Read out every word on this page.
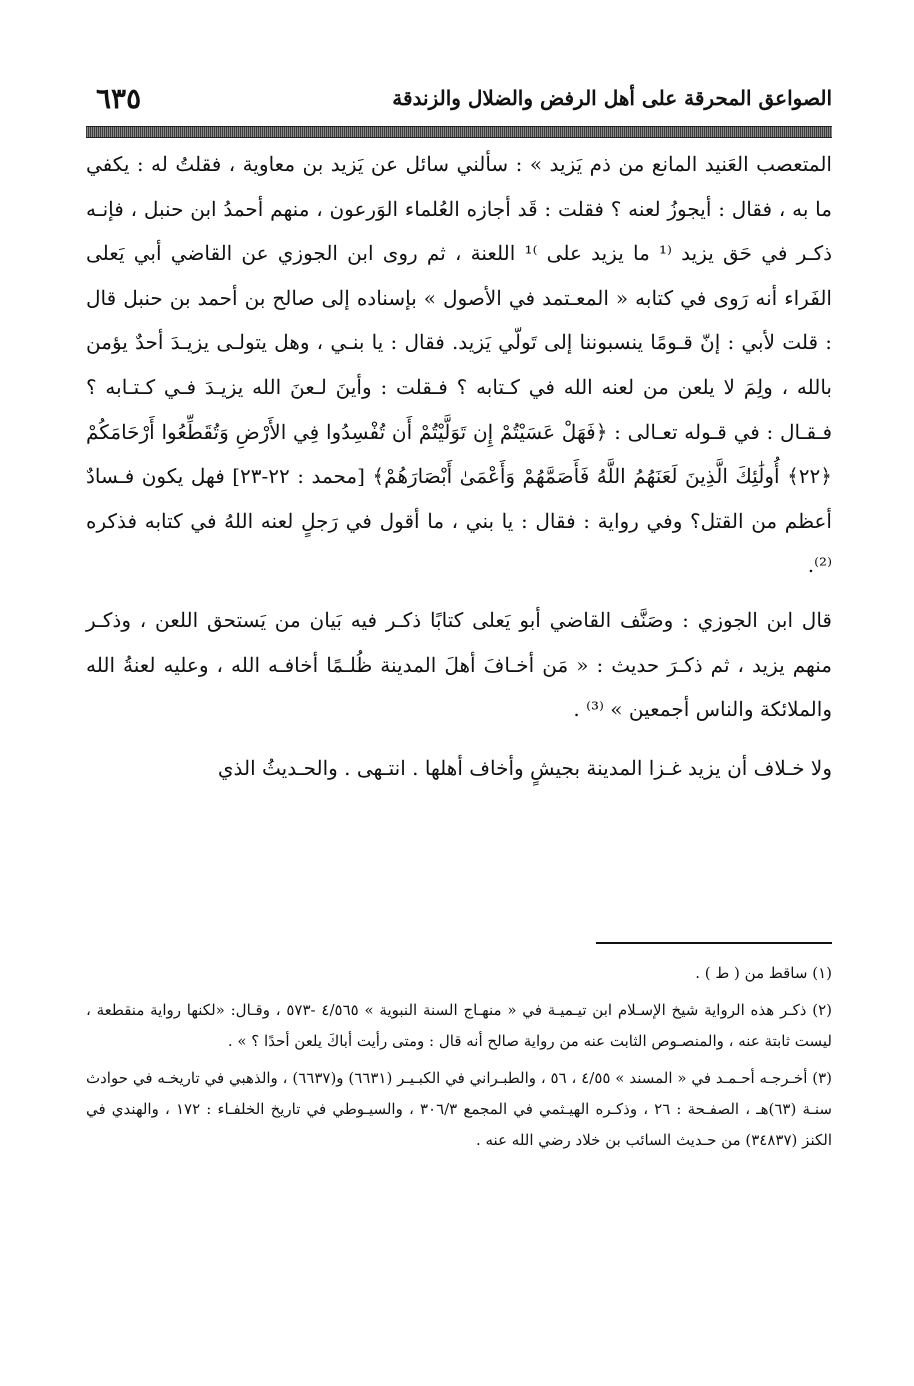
الصواعق المحرقة على أهل الرفض والضلال والزندقة
٦٣٥

المتعصب العَنيد المانع من ذم يَزيد » : سألني سائل عن يَزيد بن معاوية ، فقلتُ له : يكفي ما به ، فقال : أيجوزُ لعنه ؟ فقلت : قَد أجازه العُلماء الوَرعون ، منهم أحمدُ ابن حنبل ، فإنـه ذكـر في حَق يزيد ⁽¹ ما يزيد على ⁾¹ اللعنة ، ثم روى ابن الجوزي عن القاضي أبي يَعلى الفَراء أنه رَوى في كتابه « المعـتمد في الأصول » بإسناده إلى صالح بن أحمد بن حنبل قال : قلت لأبي : إنّ قـومًا ينسبوننا إلى تَولّي يَزيد. فقال : يا بنـي ، وهل يتولـى يزيـدَ أحدٌ يؤمن بالله ، ولِمَ لا يلعن من لعنه الله في كـتابه ؟ فـقلت : وأينَ لـعنَ الله يزيـدَ فـي كـتـابه ؟ فـقـال : في قـوله تعـالى : ﴿فَهَلْ عَسَيْتُمْ إِن تَوَلَّيْتُمْ أَن تُفْسِدُوا فِي الأَرْضِ وَتُقَطِّعُوا أَرْحَامَكُمْ ﴿٢٢﴾ أُولَٰئِكَ الَّذِينَ لَعَنَهُمُ اللَّهُ فَأَصَمَّهُمْ وَأَعْمَىٰ أَبْصَارَهُمْ﴾ [محمد : ٢٢-٢٣] فهل يكون فـسادٌ أعظم من القتل؟ وفي رواية : فقال : يا بني ، ما أقول في رَجلٍ لعنه اللهُ في كتابه فذكره ⁽²⁾.

قال ابن الجوزي : وصَنَّف القاضي أبو يَعلى كتابًا ذكـر فيه بَيان من يَستحق اللعن ، وذكـر منهم يزيد ، ثم ذكـرَ حديث : « مَن أخـافَ أهلَ المدينة ظُلـمًا أخافـه الله ، وعليه لعنةُ الله والملائكة والناس أجمعين » ⁽³⁾ .

ولا خـلاف أن يزيد غـزا المدينة بجيشٍ وأخاف أهلها . انتـهى . والحـديثُ الذي

(١) ساقط من ( ط ) .

(٢) ذكـر هذه الرواية شيخ الإسـلام ابن تيـميـة في « منهـاج السنة النبوية » ٤/٥٦٥ -٥٧٣ ، وقـال: «لكنها رواية منقطعة ، ليست ثابتة عنه ، والمنصـوص الثابت عنه من رواية صالح أنه قال : ومتى رأيت أباكَ يلعن أحدًا ؟ » .

(٣) أخـرجـه أحـمـد في « المسند » ٤/٥٥ ، ٥٦ ، والطبـراني في الكبـيـر (٦٦٣١) و(٦٦٣٧) ، والذهبي في تاريخـه في حوادث سنـة (٦٣)هـ ، الصفـحة : ٢٦ ، وذكـره الهيـثمي في المجمع ٣٠٦/٣ ، والسيـوطي في تاريخ الخلفـاء : ١٧٢ ، والهندي في الكنز (٣٤٨٣٧) من حـديث السائب بن خلاد رضي الله عنه .
